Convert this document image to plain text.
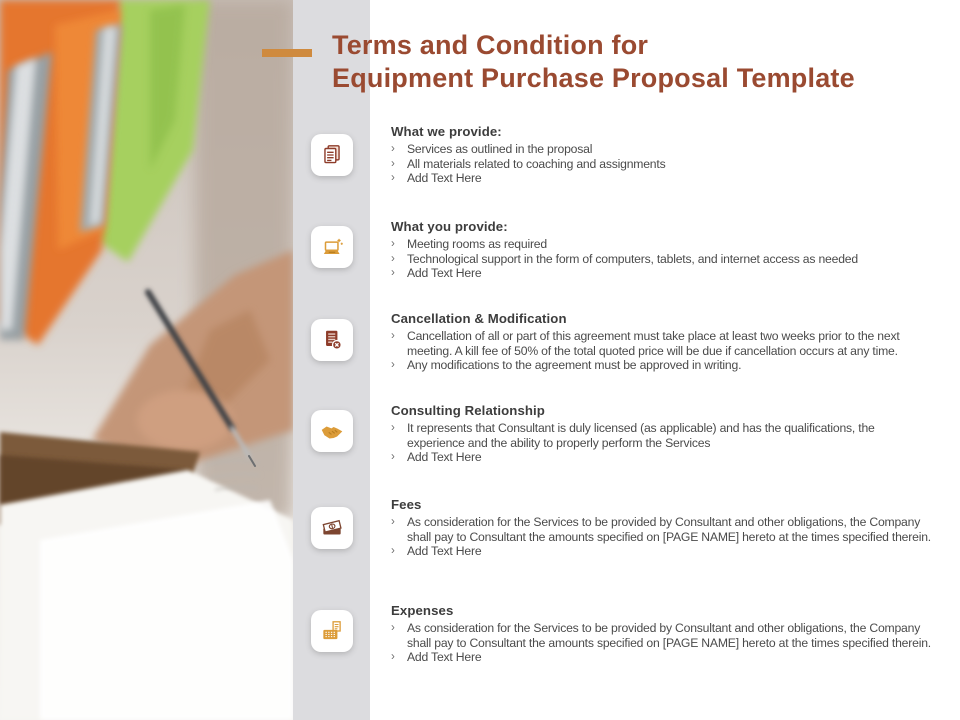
Terms and Condition for
Equipment Purchase Proposal Template
What we provide:
›	Services as outlined in the proposal
›	All materials related to coaching and assignments
›	Add Text Here
What you provide:
›	Meeting rooms as required
›	Technological support in the form of computers, tablets, and internet access as needed
›	Add Text Here
Cancellation & Modification
›	Cancellation of all or part of this agreement must take place at least two weeks prior to the next meeting. A kill fee of 50% of the total quoted price will be due if cancellation occurs at any time.
›	Any modifications to the agreement must be approved in writing.
Consulting Relationship
›	It represents that Consultant is duly licensed (as applicable) and has the qualifications, the experience and the ability to properly perform the Services
›	Add Text Here
Fees
›	As consideration for the Services to be provided by Consultant and other obligations, the Company shall pay to Consultant the amounts specified on [PAGE NAME] hereto at the times specified therein.
›	Add Text Here
Expenses
›	As consideration for the Services to be provided by Consultant and other obligations, the Company shall pay to Consultant the amounts specified on [PAGE NAME] hereto at the times specified therein.
›	Add Text Here
